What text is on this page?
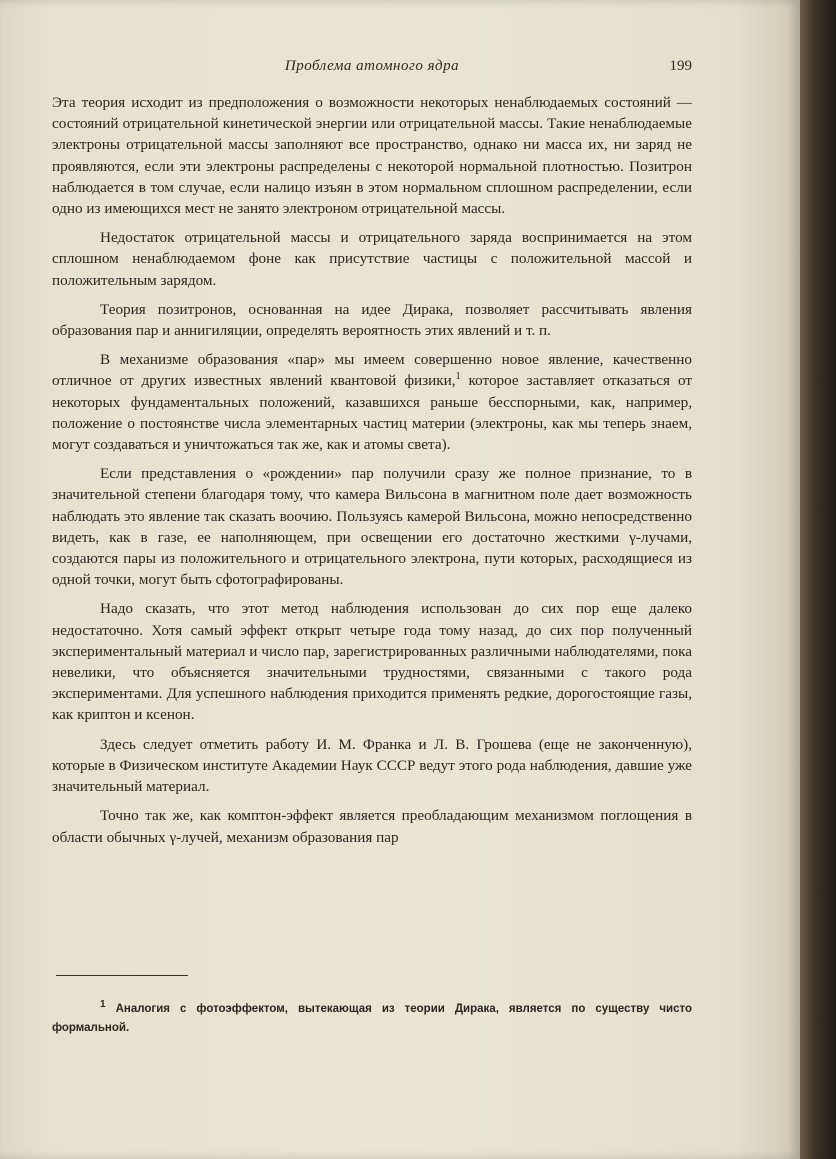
Проблема атомного ядра	199

Эта теория исходит из предположения о возможности некоторых ненаблюдаемых состояний — состояний отрицательной кинетической энергии или отрицательной массы. Такие ненаблюдаемые электроны отрицательной массы заполняют все пространство, однако ни масса их, ни заряд не проявляются, если эти электроны распределены с некоторой нормальной плотностью. Позитрон наблюдается в том случае, если налицо изъян в этом нормальном сплошном распределении, если одно из имеющихся мест не занято электроном отрицательной массы.

Недостаток отрицательной массы и отрицательного заряда воспринимается на этом сплошном ненаблюдаемом фоне как присутствие частицы с положительной массой и положительным зарядом.

Теория позитронов, основанная на идее Дирака, позволяет рассчитывать явления образования пар и аннигиляции, определять вероятность этих явлений и т. п.

В механизме образования «пар» мы имеем совершенно новое явление, качественно отличное от других известных явлений квантовой физики,$^1$ которое заставляет отказаться от некоторых фундаментальных положений, казавшихся раньше бесспорными, как, например, положение о постоянстве числа элементарных частиц материи (электроны, как мы теперь знаем, могут создаваться и уничтожаться так же, как и атомы света).

Если представления о «рождении» пар получили сразу же полное признание, то в значительной степени благодаря тому, что камера Вильсона в магнитном поле дает возможность наблюдать это явление так сказать воочию. Пользуясь камерой Вильсона, можно непосредственно видеть, как в газе, ее наполняющем, при освещении его достаточно жесткими γ-лучами, создаются пары из положительного и отрицательного электрона, пути которых, расходящиеся из одной точки, могут быть сфотографированы.

Надо сказать, что этот метод наблюдения использован до сих пор еще далеко недостаточно. Хотя самый эффект открыт четыре года тому назад, до сих пор полученный экспериментальный материал и число пар, зарегистрированных различными наблюдателями, пока невелики, что объясняется значительными трудностями, связанными с такого рода экспериментами. Для успешного наблюдения приходится применять редкие, дорогостоящие газы, как криптон и ксенон.

Здесь следует отметить работу И. М. Франка и Л. В. Грошева (еще не законченную), которые в Физическом институте Академии Наук СССР ведут этого рода наблюдения, давшие уже значительный материал.

Точно так же, как комптон-эффект является преобладающим механизмом поглощения в области обычных γ-лучей, механизм образования пар

$^1$ Аналогия с фотоэффектом, вытекающая из теории Дирака, является по существу чисто формальной.
